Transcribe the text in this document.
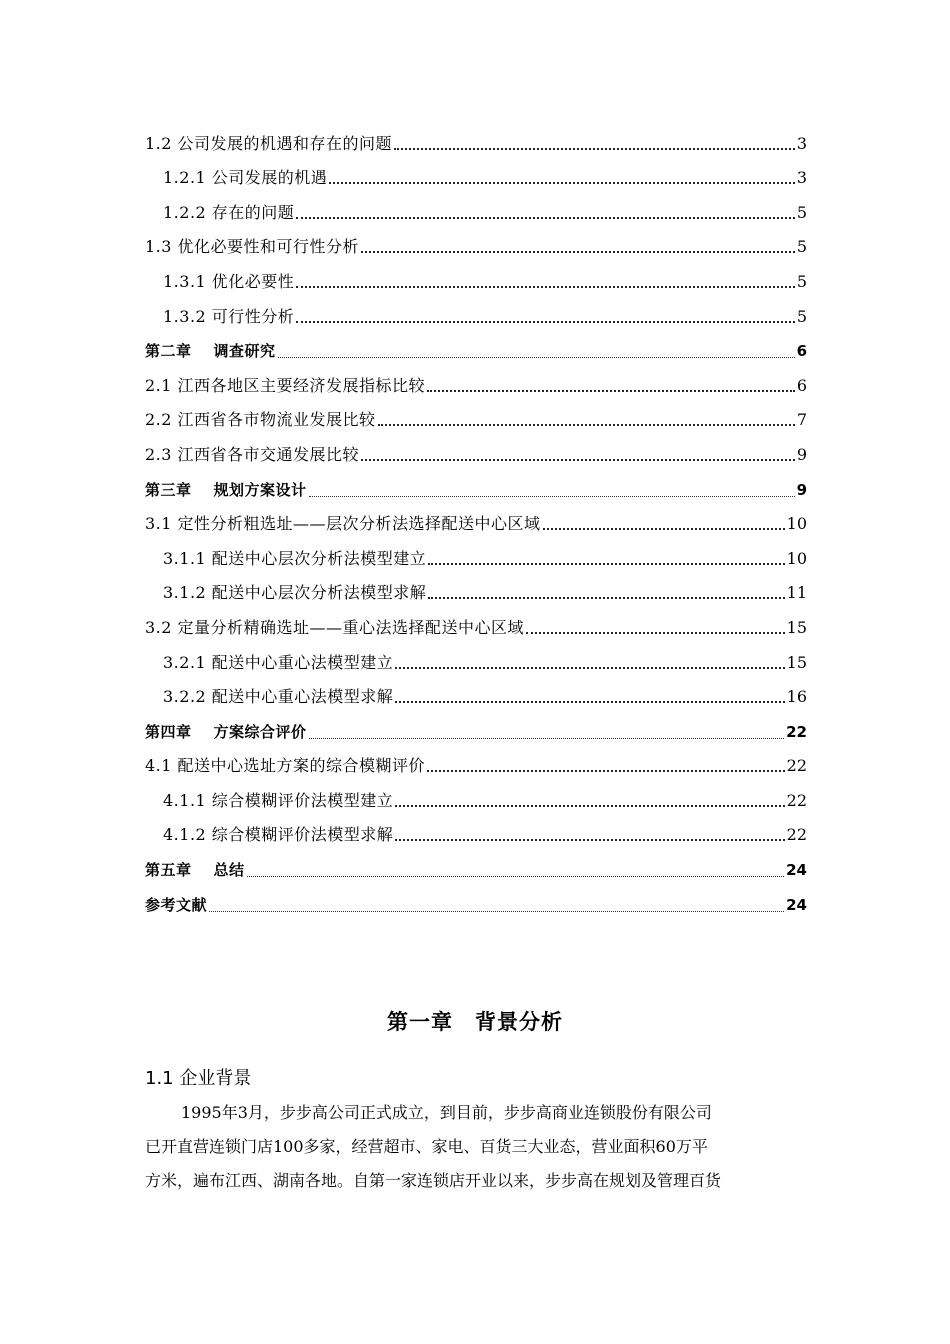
1.2 公司发展的机遇和存在的问题	3
1.2.1 公司发展的机遇	3
1.2.2 存在的问题	5
1.3 优化必要性和可行性分析	5
1.3.1 优化必要性	5
1.3.2 可行性分析	5
第二章 调查研究	6
2.1 江西各地区主要经济发展指标比较	6
2.2 江西省各市物流业发展比较	7
2.3 江西省各市交通发展比较	9
第三章 规划方案设计	9
3.1 定性分析粗选址——层次分析法选择配送中心区域	10
3.1.1 配送中心层次分析法模型建立	10
3.1.2 配送中心层次分析法模型求解	11
3.2 定量分析精确选址——重心法选择配送中心区域	15
3.2.1 配送中心重心法模型建立	15
3.2.2 配送中心重心法模型求解	16
第四章 方案综合评价	22
4.1 配送中心选址方案的综合模糊评价	22
4.1.1 综合模糊评价法模型建立	22
4.1.2 综合模糊评价法模型求解	22
第五章 总结	24
参考文献	24
第一章　背景分析
1.1 企业背景
1995年3月，步步高公司正式成立，到目前，步步高商业连锁股份有限公司
已开直营连锁门店100多家，经营超市、家电、百货三大业态，营业面积60万平
方米，遍布江西、湖南各地。自第一家连锁店开业以来，步步高在规划及管理百货
